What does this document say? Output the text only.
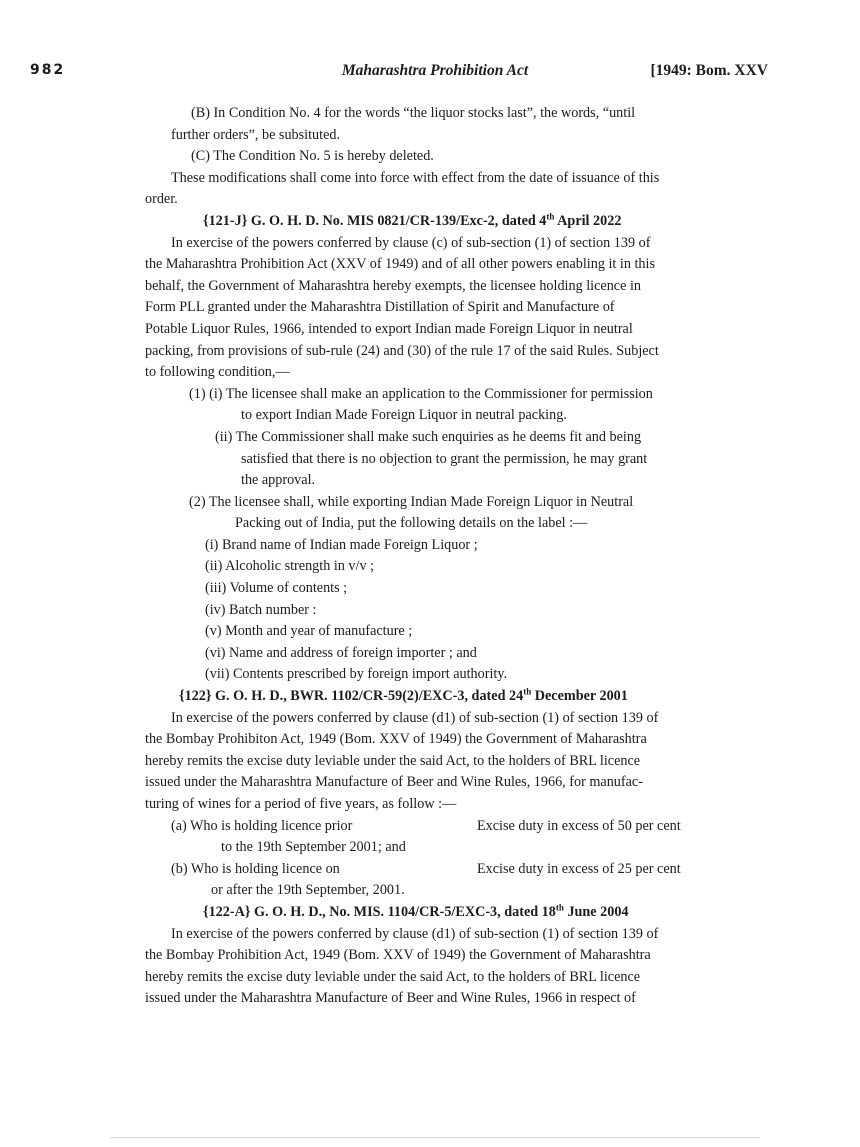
982	Maharashtra Prohibition Act	[1949: Bom. XXV
(B) In Condition No. 4 for the words “the liquor stocks last”, the words, “until
further orders”, be subsituted.
(C) The Condition No. 5 is hereby deleted.
These modifications shall come into force with effect from the date of issuance of this
order.
{121-J} G. O. H. D. No. MIS 0821/CR-139/Exc-2, dated 4th April 2022
In exercise of the powers conferred by clause (c) of sub-section (1) of section 139 of
the Maharashtra Prohibition Act (XXV of 1949) and of all other powers enabling it in this
behalf, the Government of Maharashtra hereby exempts, the licensee holding licence in
Form PLL granted under the Maharashtra Distillation of Spirit and Manufacture of
Potable Liquor Rules, 1966, intended to export Indian made Foreign Liquor in neutral
packing, from provisions of sub-rule (24) and (30) of the rule 17 of the said Rules. Subject
to following condition,—
(1) (i) The licensee shall make an application to the Commissioner for permission
to export Indian Made Foreign Liquor in neutral packing.
(ii) The Commissioner shall make such enquiries as he deems fit and being
satisfied that there is no objection to grant the permission, he may grant
the approval.
(2) The licensee shall, while exporting Indian Made Foreign Liquor in Neutral
Packing out of India, put the following details on the label :—
(i) Brand name of Indian made Foreign Liquor ;
(ii) Alcoholic strength in v/v ;
(iii) Volume of contents ;
(iv) Batch number :
(v) Month and year of manufacture ;
(vi) Name and address of foreign importer ; and
(vii) Contents prescribed by foreign import authority.
{122} G. O. H. D., BWR. 1102/CR-59(2)/EXC-3, dated 24th December 2001
In exercise of the powers conferred by clause (d1) of sub-section (1) of section 139 of
the Bombay Prohibiton Act, 1949 (Bom. XXV of 1949) the Government of Maharashtra
hereby remits the excise duty leviable under the said Act, to the holders of BRL licence
issued under the Maharashtra Manufacture of Beer and Wine Rules, 1966, for manufac-
turing of wines for a period of five years, as follow :—
(a) Who is holding licence prior	Excise duty in excess of 50 per cent
to the 19th September 2001; and
(b) Who is holding licence on	Excise duty in excess of 25 per cent
or after the 19th September, 2001.
{122-A} G. O. H. D., No. MIS. 1104/CR-5/EXC-3, dated 18th June 2004
In exercise of the powers conferred by clause (d1) of sub-section (1) of section 139 of
the Bombay Prohibition Act, 1949 (Bom. XXV of 1949) the Government of Maharashtra
hereby remits the excise duty leviable under the said Act, to the holders of BRL licence
issued under the Maharashtra Manufacture of Beer and Wine Rules, 1966 in respect of
